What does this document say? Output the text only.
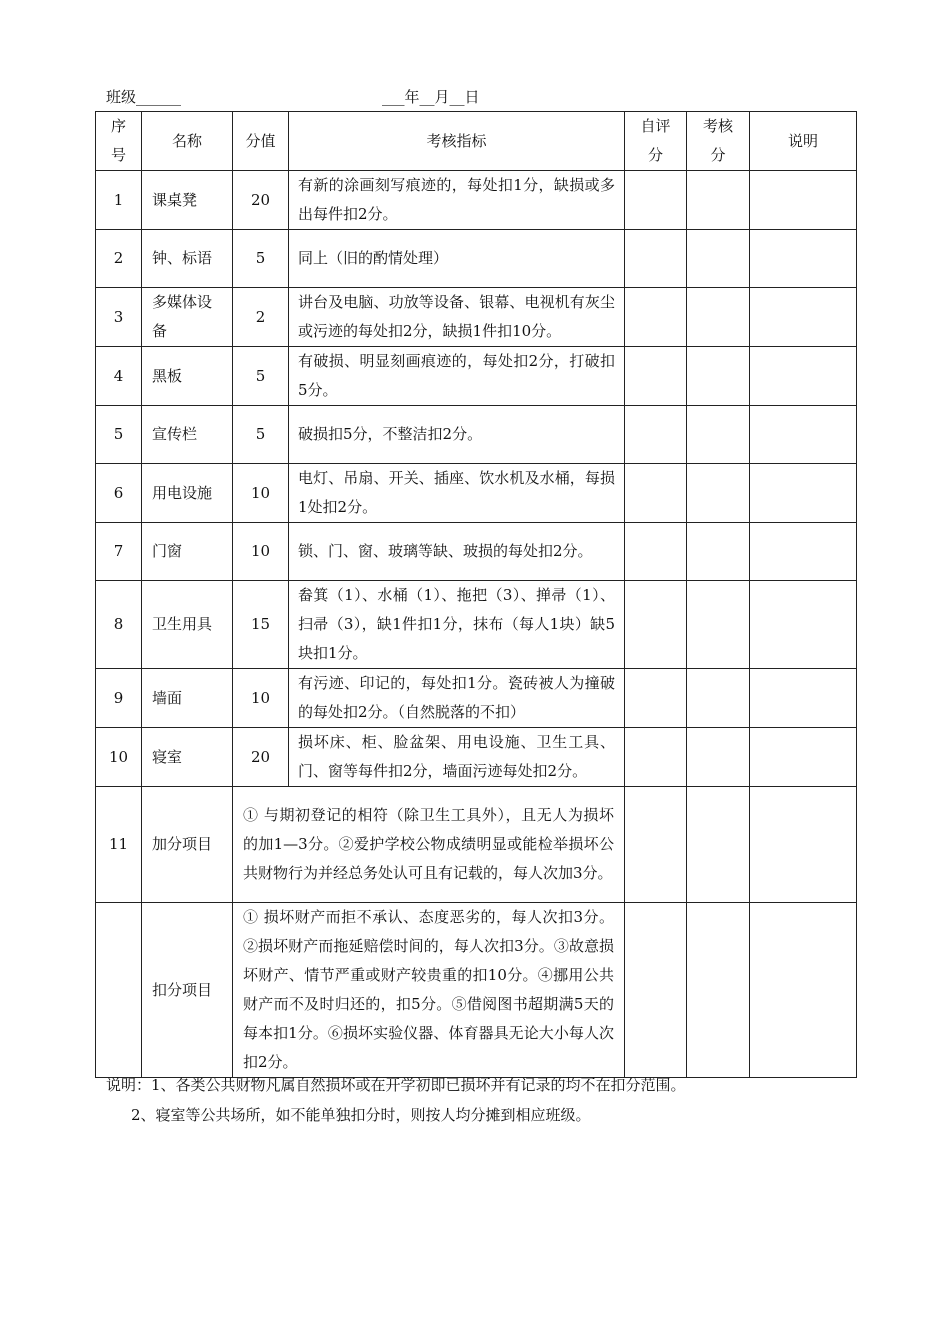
班级______	___年__月__日
序号	名称	分值	考核指标	自评分	考核分	说明
1	课桌凳	20	有新的涂画刻写痕迹的，每处扣1分，缺损或多出每件扣2分。			
2	钟、标语	5	同上（旧的酌情处理）			
3	多媒体设备	2	讲台及电脑、功放等设备、银幕、电视机有灰尘或污迹的每处扣2分，缺损1件扣10分。			
4	黑板	5	有破损、明显刻画痕迹的，每处扣2分，打破扣5分。			
5	宣传栏	5	破损扣5分，不整洁扣2分。			
6	用电设施	10	电灯、吊扇、开关、插座、饮水机及水桶，每损1处扣2分。			
7	门窗	10	锁、门、窗、玻璃等缺、玻损的每处扣2分。			
8	卫生用具	15	畚箕（1）、水桶（1）、拖把（3）、掸帚（1）、扫帚（3），缺1件扣1分，抹布（每人1块）缺5块扣1分。			
9	墙面	10	有污迹、印记的，每处扣1分。瓷砖被人为撞破的每处扣2分。（自然脱落的不扣）			
10	寝室	20	损坏床、柜、脸盆架、用电设施、卫生工具、门、窗等每件扣2分，墙面污迹每处扣2分。			
11	加分项目	① 与期初登记的相符（除卫生工具外），且无人为损坏的加1—3分。②爱护学校公物成绩明显或能检举损坏公共财物行为并经总务处认可且有记载的，每人次加3分。				
	扣分项目	① 损坏财产而拒不承认、态度恶劣的，每人次扣3分。②损坏财产而拖延赔偿时间的，每人次扣3分。③故意损坏财产、情节严重或财产较贵重的扣10分。④挪用公共财产而不及时归还的，扣5分。⑤借阅图书超期满5天的每本扣1分。⑥损坏实验仪器、体育器具无论大小每人次扣2分。				
说明：1、各类公共财物凡属自然损坏或在开学初即已损坏并有记录的均不在扣分范围。
2、寝室等公共场所，如不能单独扣分时，则按人均分摊到相应班级。
